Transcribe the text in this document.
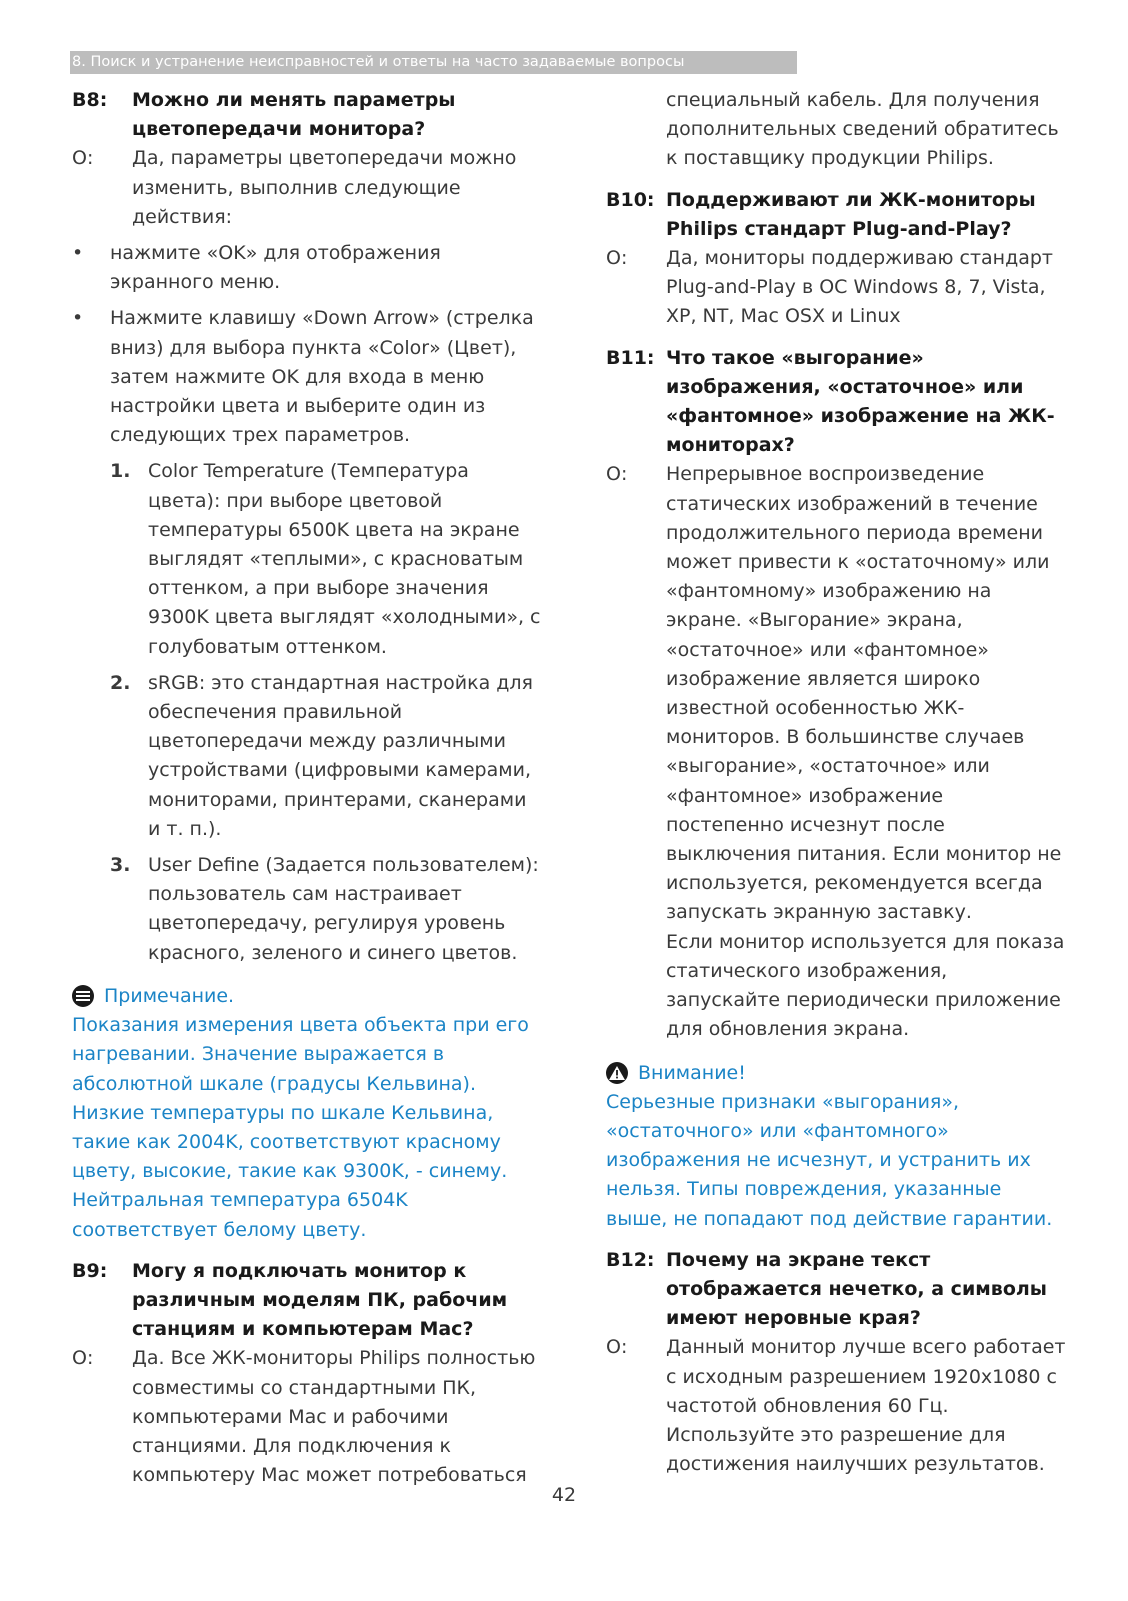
8. Поиск и устранение неисправностей и ответы на часто задаваемые вопросы
В8: Можно ли менять параметры цветопередачи монитора?
О: Да, параметры цветопередачи можно изменить, выполнив следующие действия:
• нажмите «OK» для отображения экранного меню.
• Нажмите клавишу «Down Arrow» (стрелка вниз) для выбора пункта «Color» (Цвет), затем нажмите OK для входа в меню настройки цвета и выберите один из следующих трех параметров.
1. Color Temperature (Температура цвета): при выборе цветовой температуры 6500K цвета на экране выглядят «теплыми», с красноватым оттенком, а при выборе значения 9300K цвета выглядят «холодными», с голубоватым оттенком.
2. sRGB: это стандартная настройка для обеспечения правильной цветопередачи между различными устройствами (цифровыми камерами, мониторами, принтерами, сканерами и т. п.).
3. User Define (Задается пользователем): пользователь сам настраивает цветопередачу, регулируя уровень красного, зеленого и синего цветов.
Примечание.
Показания измерения цвета объекта при его нагревании. Значение выражается в абсолютной шкале (градусы Кельвина). Низкие температуры по шкале Кельвина, такие как 2004K, соответствуют красному цвету, высокие, такие как 9300K, - синему. Нейтральная температура 6504K соответствует белому цвету.
В9: Могу я подключать монитор к различным моделям ПК, рабочим станциям и компьютерам Mac?
О: Да. Все ЖК-мониторы Philips полностью совместимы со стандартными ПК, компьютерами Mac и рабочими станциями. Для подключения к компьютеру Mac может потребоваться
специальный кабель. Для получения дополнительных сведений обратитесь к поставщику продукции Philips.
В10: Поддерживают ли ЖК-мониторы Philips стандарт Plug-and-Play?
О: Да, мониторы поддерживаю стандарт Plug-and-Play в ОС Windows 8, 7, Vista, XP, NT, Mac OSX и Linux
В11: Что такое «выгорание» изображения, «остаточное» или «фантомное» изображение на ЖК-мониторах?
О: Непрерывное воспроизведение статических изображений в течение продолжительного периода времени может привести к «остаточному» или «фантомному» изображению на экране. «Выгорание» экрана, «остаточное» или «фантомное» изображение является широко известной особенностью ЖК-мониторов. В большинстве случаев «выгорание», «остаточное» или «фантомное» изображение постепенно исчезнут после выключения питания. Если монитор не используется, рекомендуется всегда запускать экранную заставку.
Если монитор используется для показа статического изображения, запускайте периодически приложение для обновления экрана.
Внимание!
Серьезные признаки «выгорания», «остаточного» или «фантомного» изображения не исчезнут, и устранить их нельзя. Типы повреждения, указанные выше, не попадают под действие гарантии.
В12: Почему на экране текст отображается нечетко, а символы имеют неровные края?
О: Данный монитор лучше всего работает с исходным разрешением 1920x1080 с частотой обновления 60 Гц. Используйте это разрешение для достижения наилучших результатов.
42
